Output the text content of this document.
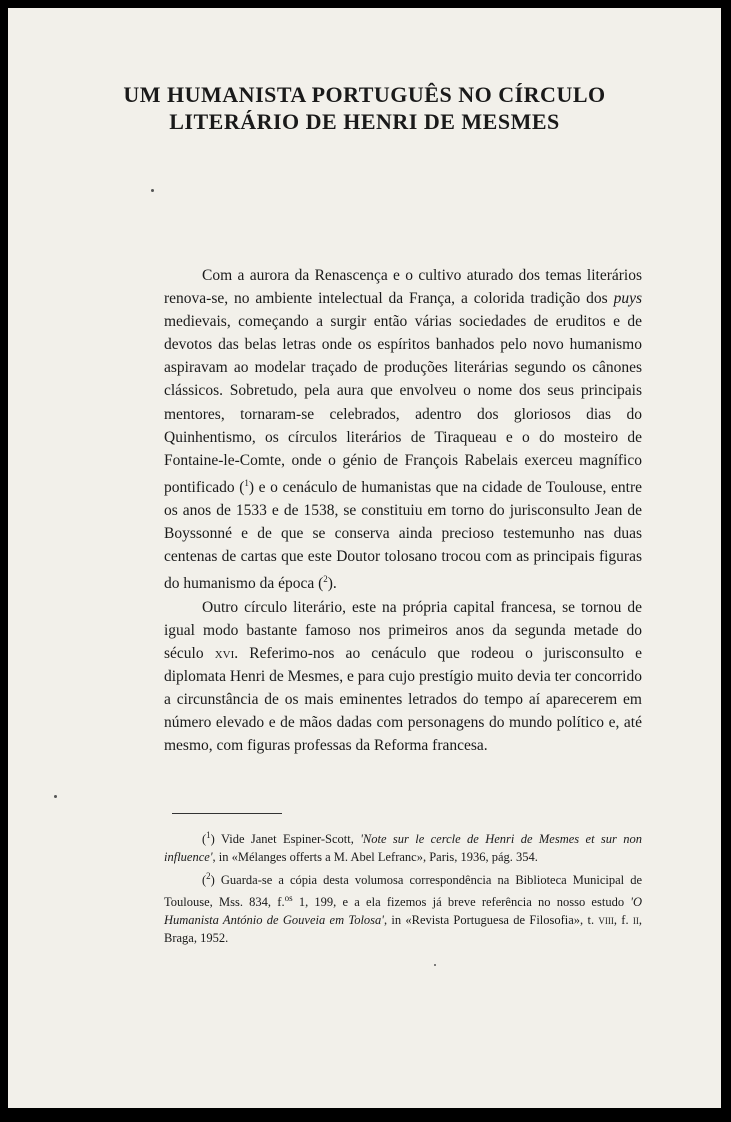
UM HUMANISTA PORTUGUÊS NO CÍRCULO
LITERÁRIO DE HENRI DE MESMES

Com a aurora da Renascença e o cultivo aturado dos temas literários renova-se, no ambiente intelectual da França, a colorida tradição dos puys medievais, começando a surgir então várias sociedades de eruditos e de devotos das belas letras onde os espíritos banhados pelo novo humanismo aspiravam ao modelar traçado de produções literárias segundo os cânones clássicos. Sobretudo, pela aura que envolveu o nome dos seus principais mentores, tornaram-se celebrados, adentro dos gloriosos dias do Quinhentismo, os círculos literários de Tiraqueau e o do mosteiro de Fontaine-le-Comte, onde o génio de François Rabelais exerceu magnífico pontificado ($^1$) e o cenáculo de humanistas que na cidade de Toulouse, entre os anos de 1533 e de 1538, se constituiu em torno do jurisconsulto Jean de Boyssonné e de que se conserva ainda precioso testemunho nas duas centenas de cartas que este Doutor tolosano trocou com as principais figuras do humanismo da época ($^2$).

Outro círculo literário, este na própria capital francesa, se tornou de igual modo bastante famoso nos primeiros anos da segunda metade do século xvi. Referimo-nos ao cenáculo que rodeou o jurisconsulto e diplomata Henri de Mesmes, e para cujo prestígio muito devia ter concorrido a circunstância de os mais eminentes letrados do tempo aí aparecerem em número elevado e de mãos dadas com personagens do mundo político e, até mesmo, com figuras professas da Reforma francesa.

($^1$) Vide Janet Espiner-Scott, 'Note sur le cercle de Henri de Mesmes et sur non influence', in «Mélanges offerts a M. Abel Lefranc», Paris, 1936, pág. 354.

($^2$) Guarda-se a cópia desta volumosa correspondência na Biblioteca Municipal de Toulouse, Mss. 834, f.$^{os}$ 1, 199, e a ela fizemos já breve referência no nosso estudo 'O Humanista António de Gouveia em Tolosa', in «Revista Portuguesa de Filosofia», t. viii, f. ii, Braga, 1952.
